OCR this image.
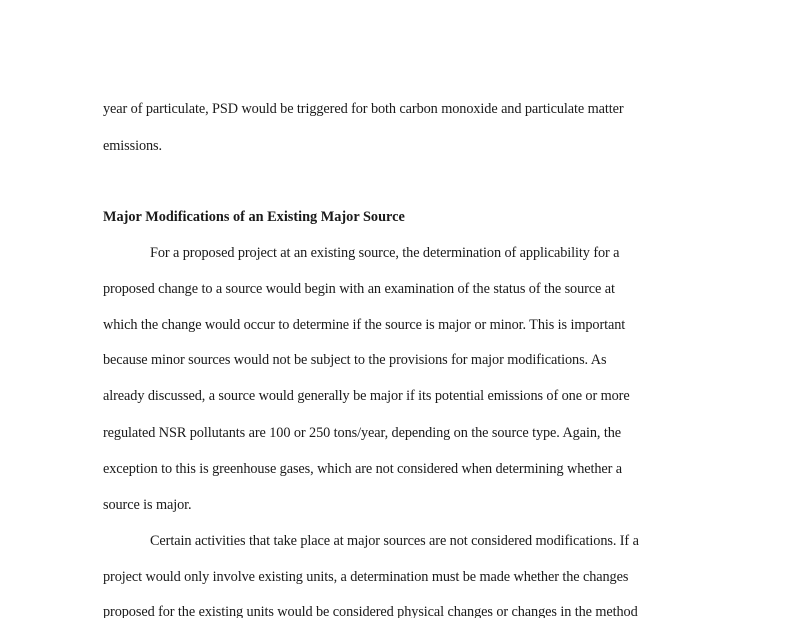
year of particulate, PSD would be triggered for both carbon monoxide and particulate matter
emissions.
Major Modifications of an Existing Major Source
For a proposed project at an existing source, the determination of applicability for a
proposed change to a source would begin with an examination of the status of the source at
which the change would occur to determine if the source is major or minor. This is important
because minor sources would not be subject to the provisions for major modifications. As
already discussed, a source would generally be major if its potential emissions of one or more
regulated NSR pollutants are 100 or 250 tons/year, depending on the source type. Again, the
exception to this is greenhouse gases, which are not considered when determining whether a
source is major.
Certain activities that take place at major sources are not considered modifications. If a
project would only involve existing units, a determination must be made whether the changes
proposed for the existing units would be considered physical changes or changes in the method
